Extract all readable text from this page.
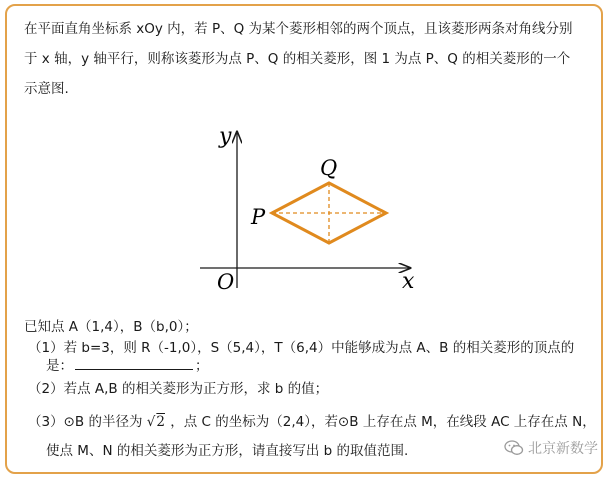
在平面直角坐标系 xOy 内，若 P、Q 为某个菱形相邻的两个顶点，且该菱形两条对角线分别
于 x 轴，y 轴平行，则称该菱形为点 P、Q 的相关菱形，图 1 为点 P、Q 的相关菱形的一个
示意图.
x
y
O
P
Q
已知点 A（1,4），B（b,0）；
（1）若 b=3，则 R（-1,0），S（5,4），T（6,4）中能够成为点 A、B 的相关菱形的顶点的
是：	；
（2）若点 A,B 的相关菱形为正方形，求 b 的值；
（3）⊙B 的半径为 √2 ，点 C 的坐标为（2,4），若⊙B 上存在点 M，在线段 AC 上存在点 N，
使点 M、N 的相关菱形为正方形，请直接写出 b 的取值范围.	北京新数学
